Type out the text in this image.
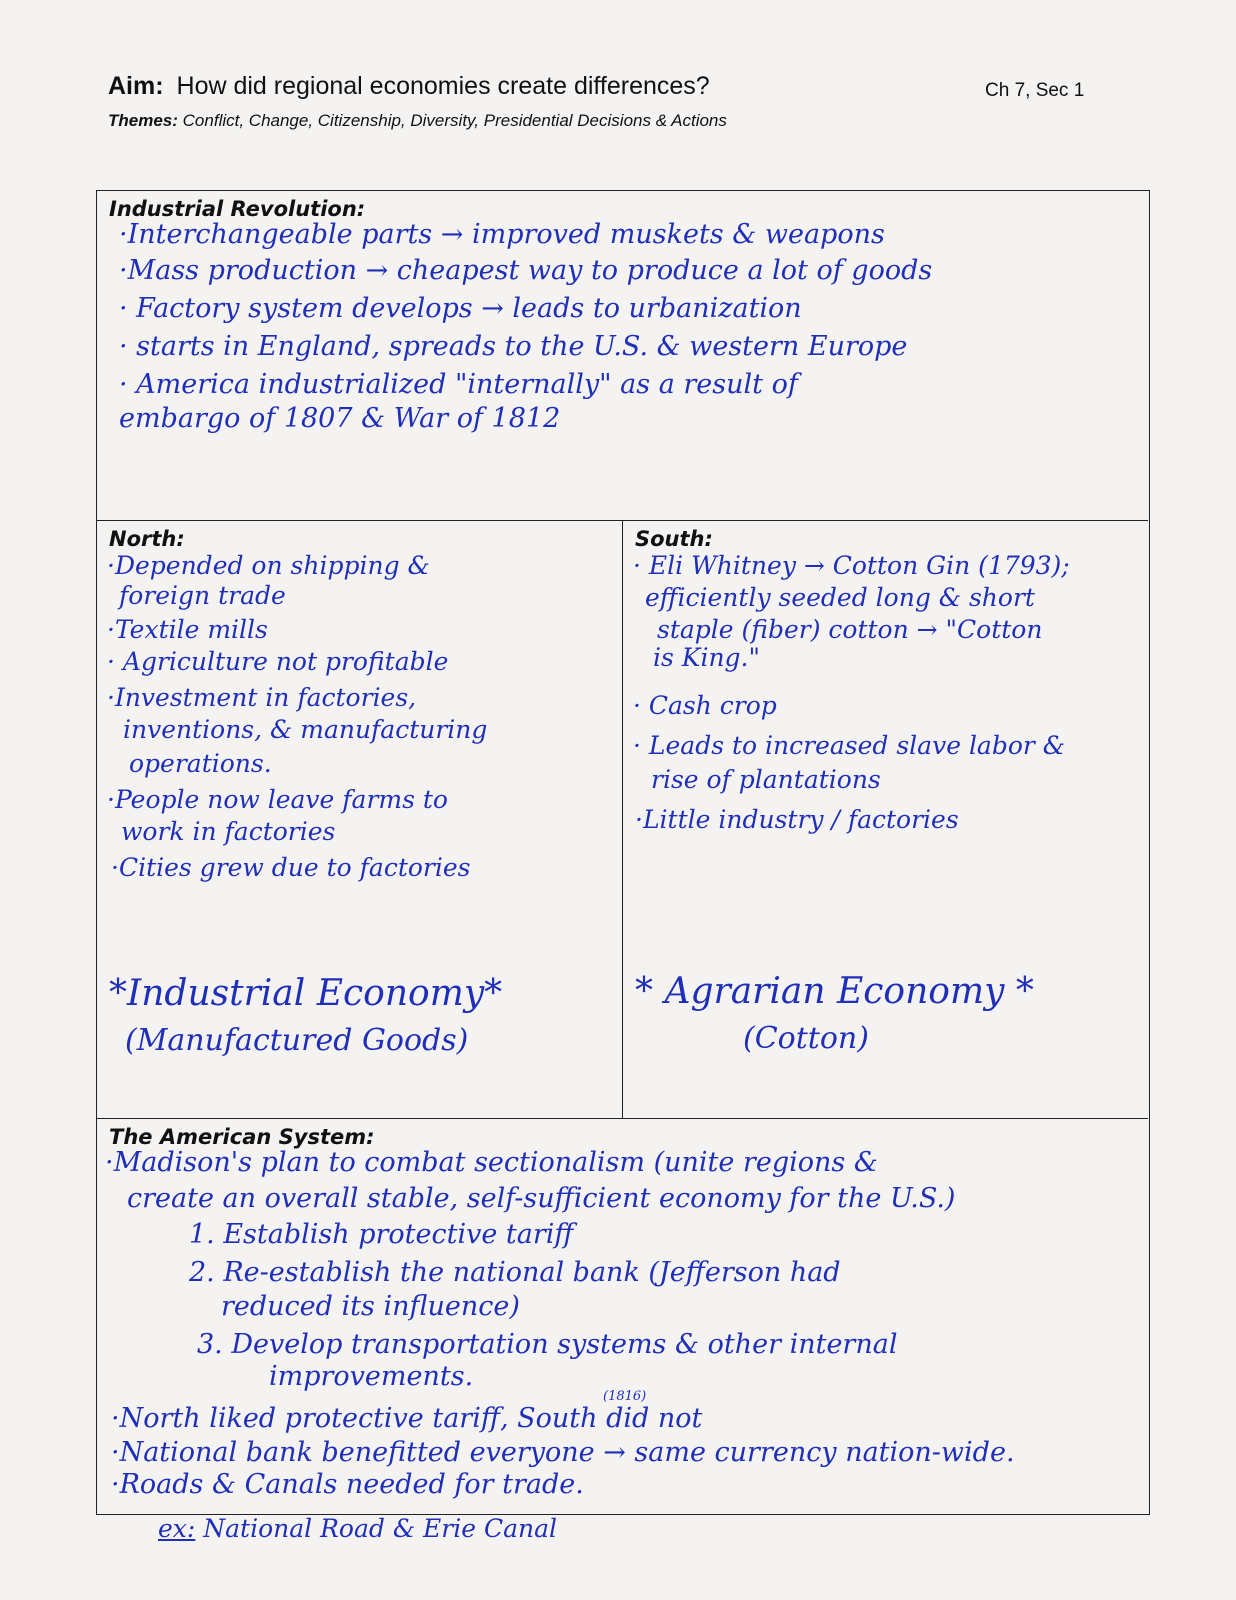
Aim: How did regional economies create differences?	Ch 7, Sec 1
Themes: Conflict, Change, Citizenship, Diversity, Presidential Decisions & Actions
Industrial Revolution:
·Interchangeable parts → improved muskets & weapons
·Mass production → cheapest way to produce a lot of goods
· Factory system develops → leads to urbanization
· starts in England, spreads to the U.S. & western Europe
· America industrialized "internally" as a result of
embargo of 1807 & War of 1812
North:
·Depended on shipping &
foreign trade
·Textile mills
· Agriculture not profitable
·Investment in factories,
inventions, & manufacturing
operations.
·People now leave farms to
work in factories
·Cities grew due to factories
*Industrial Economy*
(Manufactured Goods)
South:
· Eli Whitney → Cotton Gin (1793);
efficiently seeded long & short
staple (fiber) cotton → "Cotton
is King."
· Cash crop
· Leads to increased slave labor &
rise of plantations
·Little industry / factories
* Agrarian Economy *
(Cotton)
The American System:
·Madison's plan to combat sectionalism (unite regions &
create an overall stable, self-sufficient economy for the U.S.)
1. Establish protective tariff
2. Re-establish the national bank (Jefferson had
reduced its influence)
3. Develop transportation systems & other internal
improvements.
(1816)
·North liked protective tariff, South did not
·National bank benefitted everyone → same currency nation-wide.
·Roads & Canals needed for trade.
ex: National Road & Erie Canal
